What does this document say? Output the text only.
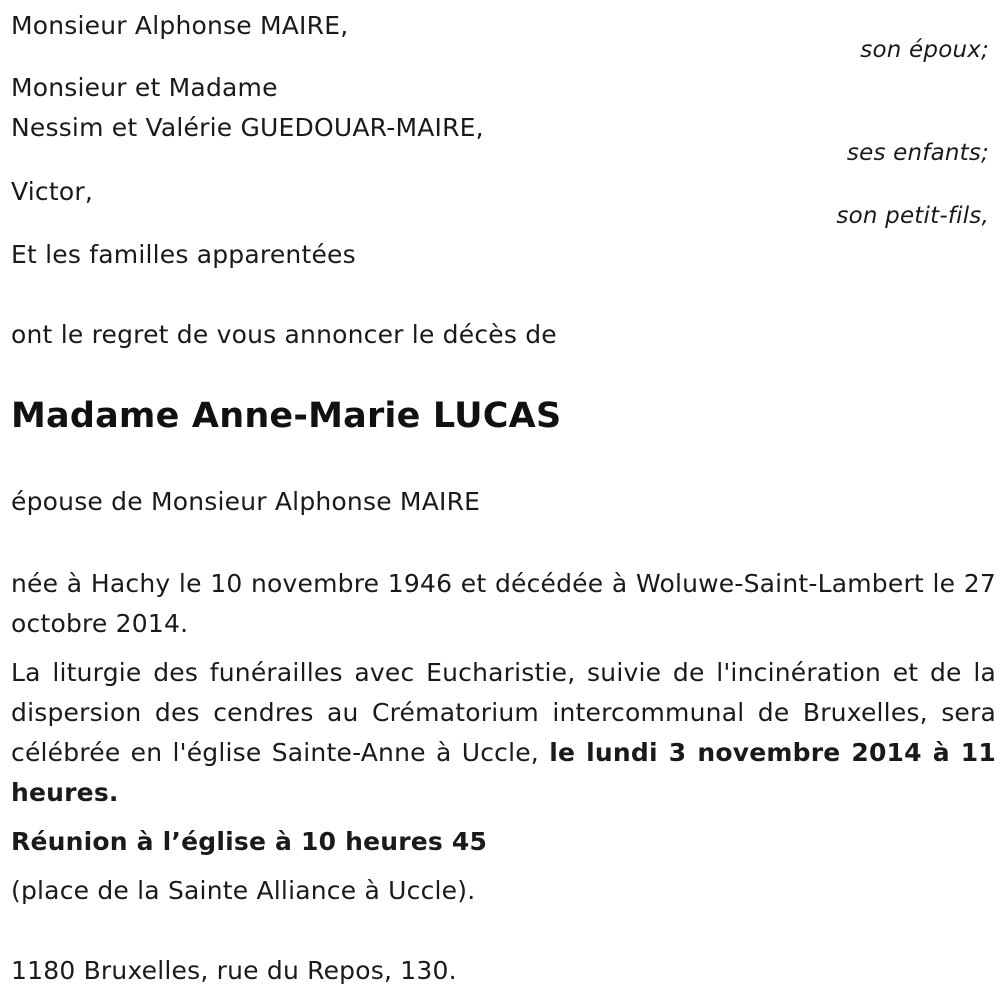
Monsieur Alphonse MAIRE,
son époux;
Monsieur et Madame
Nessim et Valérie GUEDOUAR-MAIRE,
ses enfants;
Victor,
son petit-fils,
Et les familles apparentées
ont le regret de vous annoncer le décès de
Madame Anne-Marie LUCAS
épouse de Monsieur Alphonse MAIRE
née à Hachy le 10 novembre 1946 et décédée à Woluwe-Saint-Lambert le 27 octobre 2014.
La liturgie des funérailles avec Eucharistie, suivie de l'incinération et de la dispersion des cendres au Crématorium intercommunal de Bruxelles, sera célébrée en l'église Sainte-Anne à Uccle, le lundi 3 novembre 2014 à 11 heures.
Réunion à l’église à 10 heures 45
(place de la Sainte Alliance à Uccle).
1180 Bruxelles, rue du Repos, 130.
